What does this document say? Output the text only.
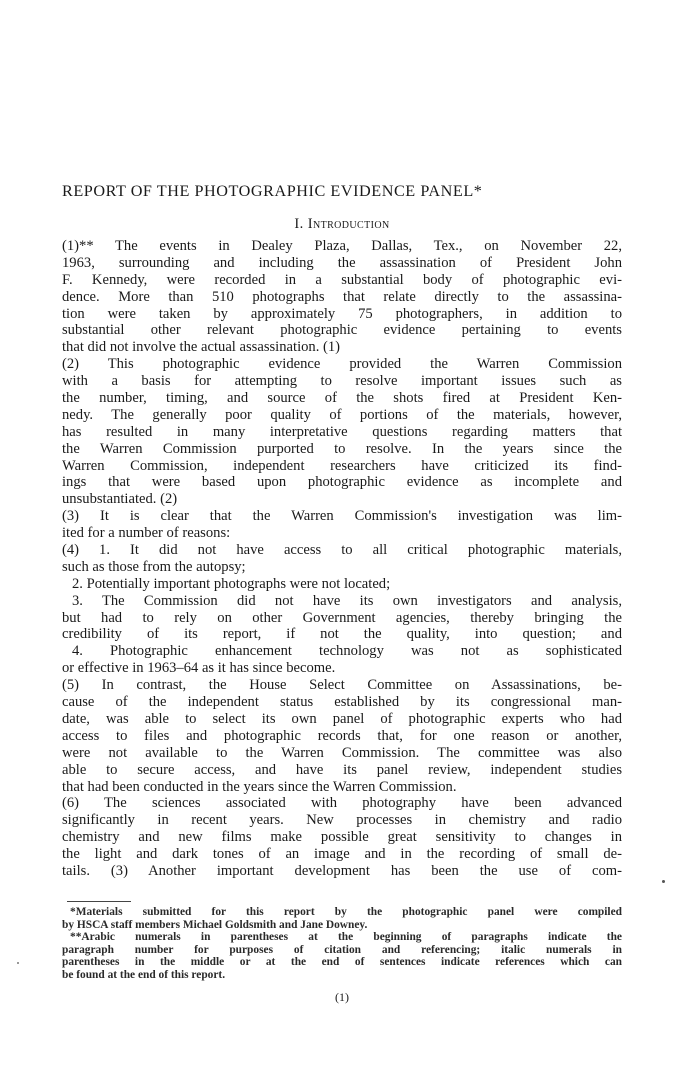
REPORT OF THE PHOTOGRAPHIC EVIDENCE PANEL*
I. Introduction
(1)** The events in Dealey Plaza, Dallas, Tex., on November 22,
1963, surrounding and including the assassination of President John
F. Kennedy, were recorded in a substantial body of photographic evi-
dence. More than 510 photographs that relate directly to the assassina-
tion were taken by approximately 75 photographers, in addition to
substantial other relevant photographic evidence pertaining to events
that did not involve the actual assassination. (1)
(2) This photographic evidence provided the Warren Commission
with a basis for attempting to resolve important issues such as
the number, timing, and source of the shots fired at President Ken-
nedy. The generally poor quality of portions of the materials, however,
has resulted in many interpretative questions regarding matters that
the Warren Commission purported to resolve. In the years since the
Warren Commission, independent researchers have criticized its find-
ings that were based upon photographic evidence as incomplete and
unsubstantiated. (2)
(3) It is clear that the Warren Commission's investigation was lim-
ited for a number of reasons:
(4) 1. It did not have access to all critical photographic materials,
such as those from the autopsy;
2. Potentially important photographs were not located;
3. The Commission did not have its own investigators and analysis,
but had to rely on other Government agencies, thereby bringing the
credibility of its report, if not the quality, into question; and
4. Photographic enhancement technology was not as sophisticated
or effective in 1963–64 as it has since become.
(5) In contrast, the House Select Committee on Assassinations, be-
cause of the independent status established by its congressional man-
date, was able to select its own panel of photographic experts who had
access to files and photographic records that, for one reason or another,
were not available to the Warren Commission. The committee was also
able to secure access, and have its panel review, independent studies
that had been conducted in the years since the Warren Commission.
(6) The sciences associated with photography have been advanced
significantly in recent years. New processes in chemistry and radio
chemistry and new films make possible great sensitivity to changes in
the light and dark tones of an image and in the recording of small de-
tails. (3) Another important development has been the use of com-
*Materials submitted for this report by the photographic panel were compiled
by HSCA staff members Michael Goldsmith and Jane Downey.
**Arabic numerals in parentheses at the beginning of paragraphs indicate the
paragraph number for purposes of citation and referencing; italic numerals in
parentheses in the middle or at the end of sentences indicate references which can
be found at the end of this report.
(1)
